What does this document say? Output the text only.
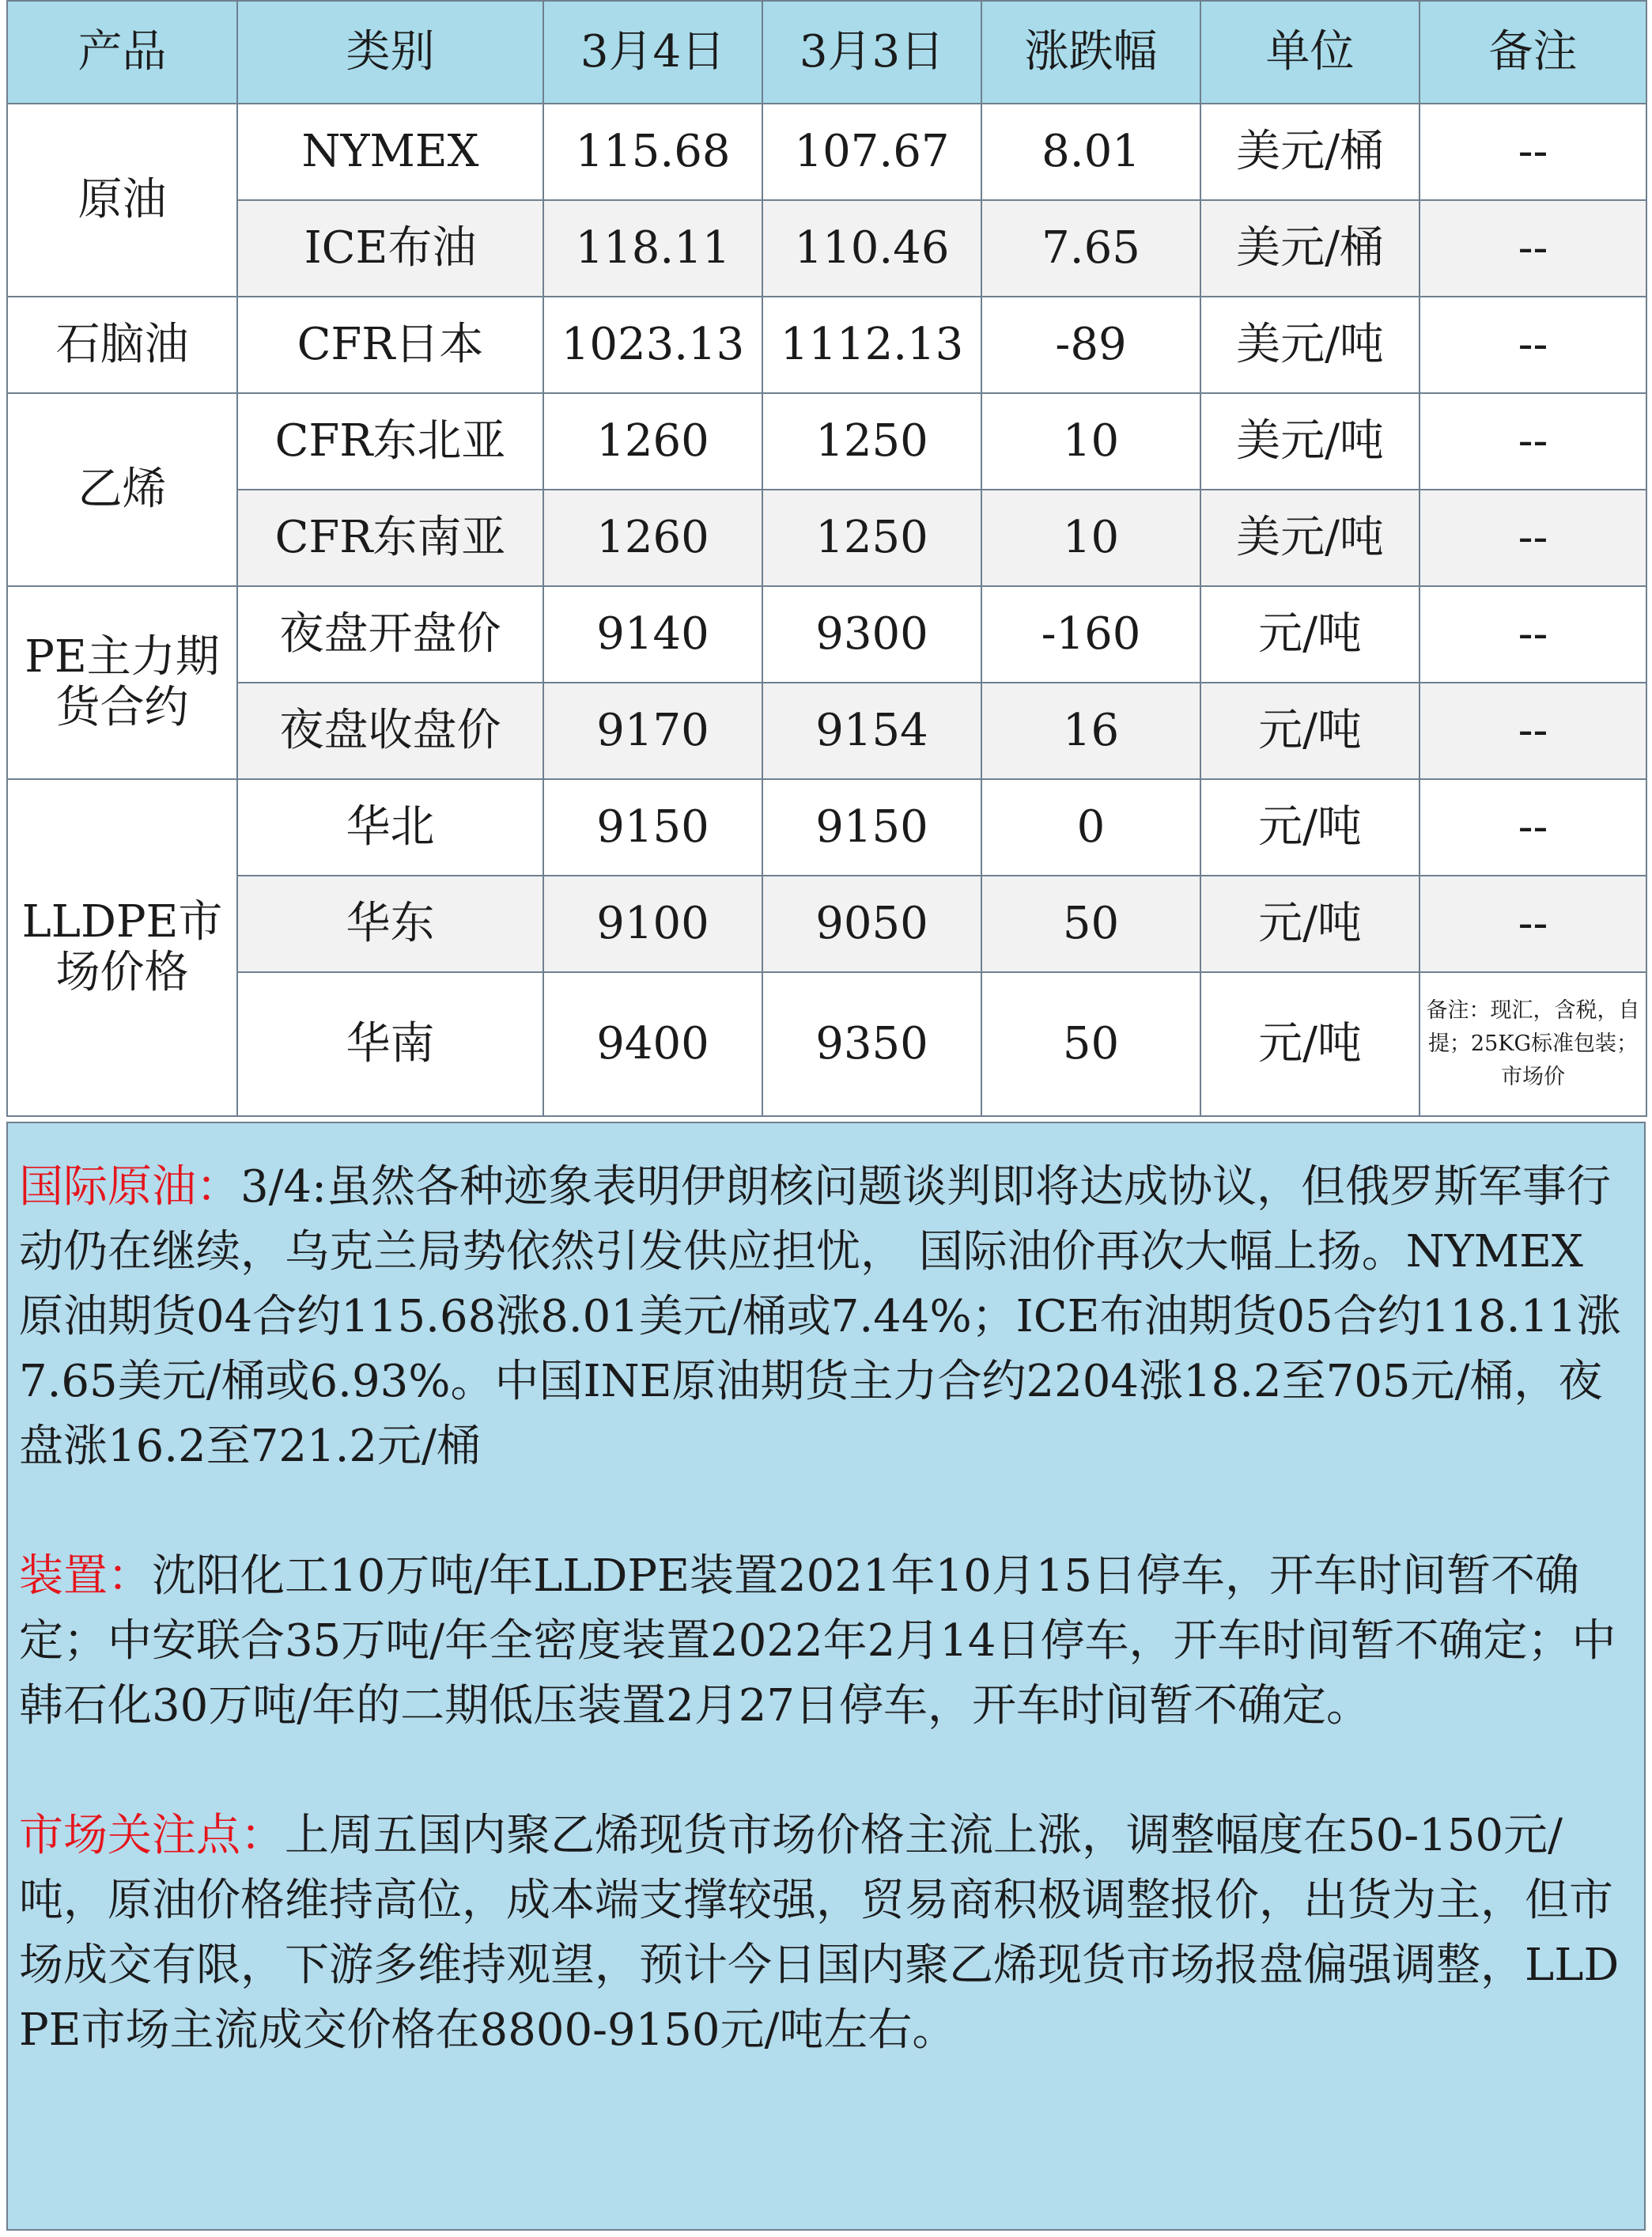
产品	类别	3月4日	3月3日	涨跌幅	单位	备注
原油	NYMEX	115.68	107.67	8.01	美元/桶	--
	ICE布油	118.11	110.46	7.65	美元/桶	--
石脑油	CFR日本	1023.13	1112.13	-89	美元/吨	--
乙烯	CFR东北亚	1260	1250	10	美元/吨	--
	CFR东南亚	1260	1250	10	美元/吨	--
PE主力期货合约	夜盘开盘价	9140	9300	-160	元/吨	--
	夜盘收盘价	9170	9154	16	元/吨	--
LLDPE市场价格	华北	9150	9150	0	元/吨	--
	华东	9100	9050	50	元/吨	--
	华南	9400	9350	50	元/吨	备注：现汇，含税，自提；25KG标准包装；市场价

国际原油：3/4:虽然各种迹象表明伊朗核问题谈判即将达成协议，但俄罗斯军事行动仍在继续，乌克兰局势依然引发供应担忧， 国际油价再次大幅上扬。NYMEX 原油期货04合约115.68涨8.01美元/桶或7.44%；ICE布油期货05合约118.11涨7.65美元/桶或6.93%。中国INE原油期货主力合约2204涨18.2至705元/桶，夜盘涨16.2至721.2元/桶

装置：沈阳化工10万吨/年LLDPE装置2021年10月15日停车，开车时间暂不确定；中安联合35万吨/年全密度装置2022年2月14日停车，开车时间暂不确定；中韩石化30万吨/年的二期低压装置2月27日停车，开车时间暂不确定。

市场关注点：上周五国内聚乙烯现货市场价格主流上涨，调整幅度在50-150元/吨，原油价格维持高位，成本端支撑较强，贸易商积极调整报价，出货为主，但市场成交有限，下游多维持观望，预计今日国内聚乙烯现货市场报盘偏强调整，LLDPE市场主流成交价格在8800-9150元/吨左右。
